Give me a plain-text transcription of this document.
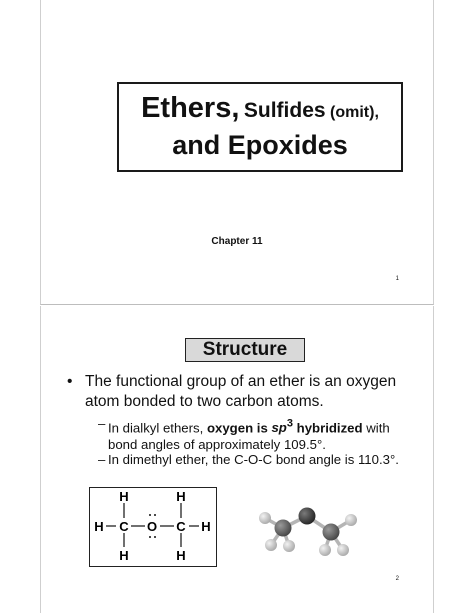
Ethers, Sulfides (omit),
and Epoxides
Chapter 11
1
Structure
• The functional group of an ether is an oxygen atom bonded to two carbon atoms.
– In dialkyl ethers, oxygen is $sp^3$ hybridized with bond angles of approximately 109.5°.
– In dimethyl ether, the C-O-C bond angle is 110.3°.
H	H
H C O C H
H	H
2
